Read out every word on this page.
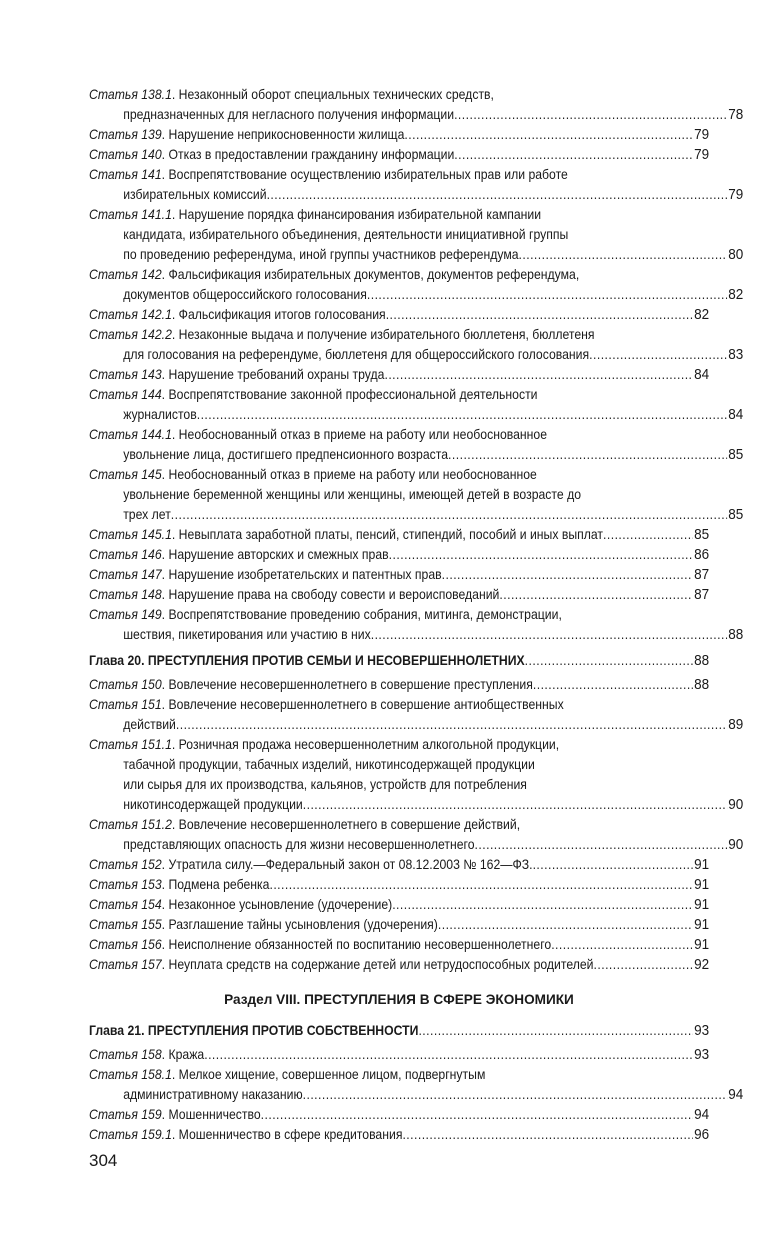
Статья 138.1. Незаконный оборот специальных технических средств,
предназначенных для негласного получения информации .....	78
Статья 139. Нарушение неприкосновенности жилища .....	79
Статья 140. Отказ в предоставлении гражданину информации .....	79
Статья 141. Воспрепятствование осуществлению избирательных прав или работе
избирательных комиссий .....	79
Статья 141.1. Нарушение порядка финансирования избирательной кампании
кандидата, избирательного объединения, деятельности инициативной группы
по проведению референдума, иной группы участников референдума .....	80
Статья 142. Фальсификация избирательных документов, документов референдума,
документов общероссийского голосования .....	82
Статья 142.1. Фальсификация итогов голосования .....	82
Статья 142.2. Незаконные выдача и получение избирательного бюллетеня, бюллетеня
для голосования на референдуме, бюллетеня для общероссийского голосования .....	83
Статья 143. Нарушение требований охраны труда .....	84
Статья 144. Воспрепятствование законной профессиональной деятельности
журналистов .....	84
Статья 144.1. Необоснованный отказ в приеме на работу или необоснованное
увольнение лица, достигшего предпенсионного возраста .....	85
Статья 145. Необоснованный отказ в приеме на работу или необоснованное
увольнение беременной женщины или женщины, имеющей детей в возрасте до
трех лет .....	85
Статья 145.1. Невыплата заработной платы, пенсий, стипендий, пособий и иных выплат .....	85
Статья 146. Нарушение авторских и смежных прав .....	86
Статья 147. Нарушение изобретательских и патентных прав .....	87
Статья 148. Нарушение права на свободу совести и вероисповеданий .....	87
Статья 149. Воспрепятствование проведению собрания, митинга, демонстрации,
шествия, пикетирования или участию в них .....	88
Глава 20. ПРЕСТУПЛЕНИЯ ПРОТИВ СЕМЬИ И НЕСОВЕРШЕННОЛЕТНИХ .....	88
Статья 150. Вовлечение несовершеннолетнего в совершение преступления .....	88
Статья 151. Вовлечение несовершеннолетнего в совершение антиобщественных
действий .....	89
Статья 151.1. Розничная продажа несовершеннолетним алкогольной продукции,
табачной продукции, табачных изделий, никотинсодержащей продукции
или сырья для их производства, кальянов, устройств для потребления
никотинсодержащей продукции .....	90
Статья 151.2. Вовлечение несовершеннолетнего в совершение действий,
представляющих опасность для жизни несовершеннолетнего .....	90
Статья 152. Утратила силу.—Федеральный закон от 08.12.2003 № 162—ФЗ. .....	91
Статья 153. Подмена ребенка .....	91
Статья 154. Незаконное усыновление (удочерение) .....	91
Статья 155. Разглашение тайны усыновления (удочерения) .....	91
Статья 156. Неисполнение обязанностей по воспитанию несовершеннолетнего .....	91
Статья 157. Неуплата средств на содержание детей или нетрудоспособных родителей .....	92
Раздел VIII. ПРЕСТУПЛЕНИЯ В СФЕРЕ ЭКОНОМИКИ
Глава 21. ПРЕСТУПЛЕНИЯ ПРОТИВ СОБСТВЕННОСТИ .....	93
Статья 158. Кража .....	93
Статья 158.1. Мелкое хищение, совершенное лицом, подвергнутым
административному наказанию .....	94
Статья 159. Мошенничество .....	94
Статья 159.1. Мошенничество в сфере кредитования .....	96
304
